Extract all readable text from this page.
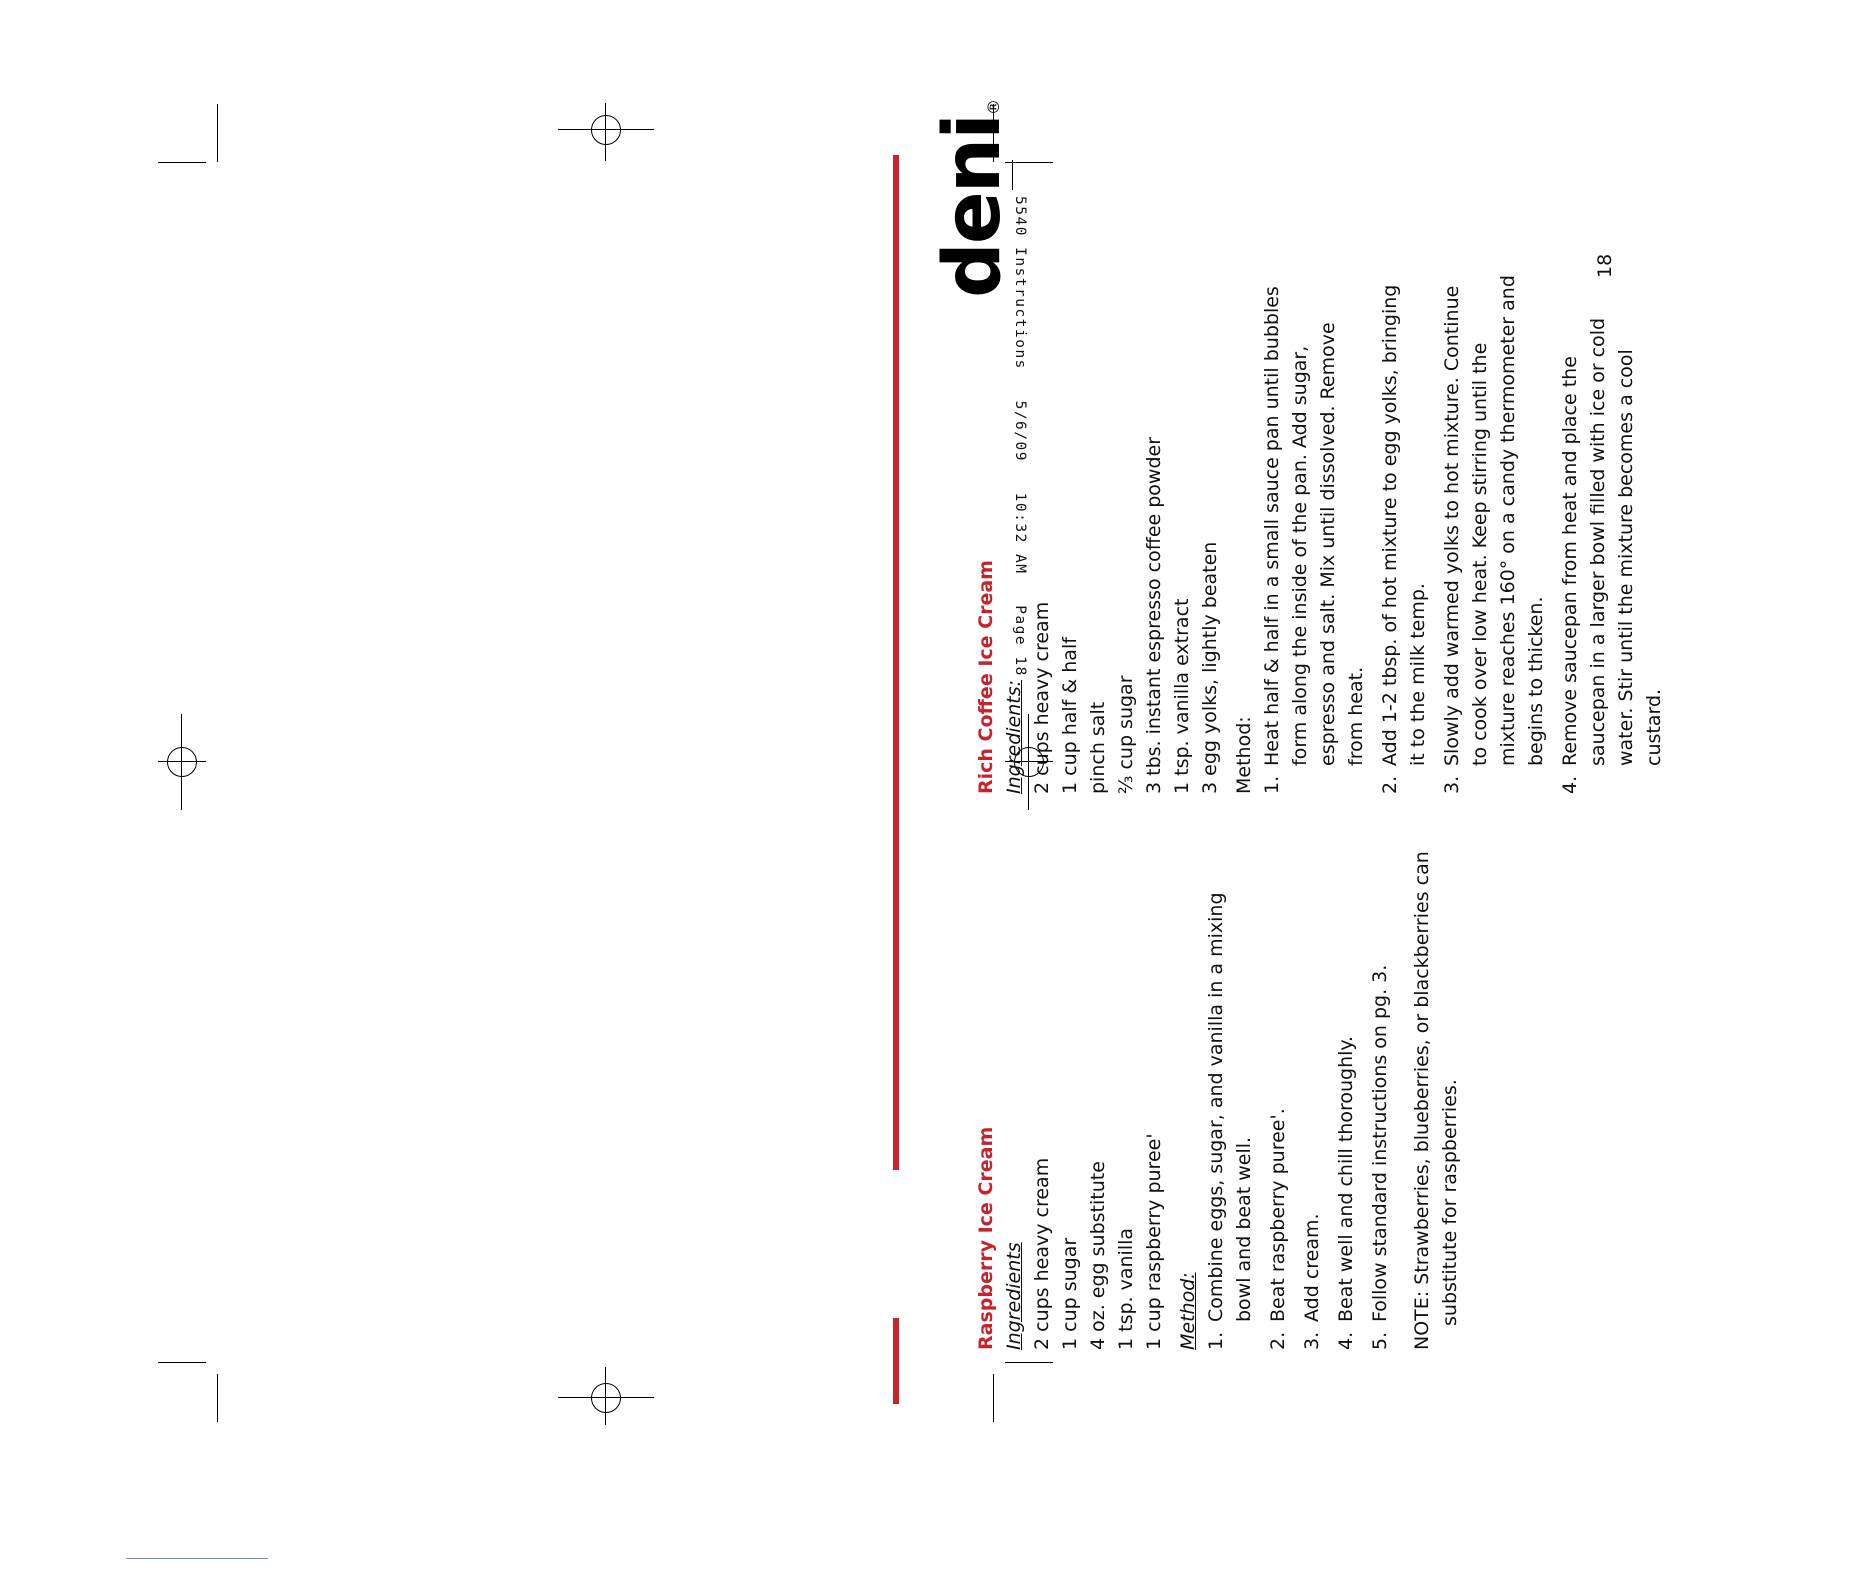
5540 Instructions   5/6/09   10:32 AM   Page 18
deni®

Raspberry Ice Cream Ingredients 2 cups heavy cream 1 cup sugar 4 oz. egg substitute 1 tsp. vanilla 1 cup raspberry puree' Method: 1.
Combine eggs, sugar, and vanilla in a mixing bowl and beat well.
2.
Beat raspberry puree'.
3.
Add cream.
4.
Beat well and chill thoroughly.
5.
Follow standard instructions on pg. 3. NOTE: Strawberries, blueberries, or blackberries can substitute for raspberries.

Rich Coffee Ice Cream Ingredients: 2 cups heavy cream 1 cup half & half pinch salt ⅔ cup sugar 3 tbs. instant espresso coffee powder 1 tsp. vanilla extract 3 egg yolks, lightly beaten Method: 1.
Heat half & half in a small sauce pan until bubbles form along the inside of the pan. Add sugar, espresso and salt. Mix until dissolved. Remove from heat.
2.
Add 1-2 tbsp. of hot mixture to egg yolks, bringing it to the milk temp.
3.
Slowly add warmed yolks to hot mixture. Continue to cook over low heat. Keep stirring until the mixture reaches 160° on a candy thermometer and begins to thicken.
4.
Remove saucepan from heat and place the saucepan in a larger bowl filled with ice or cold water. Stir until the mixture becomes a cool custard.
18
